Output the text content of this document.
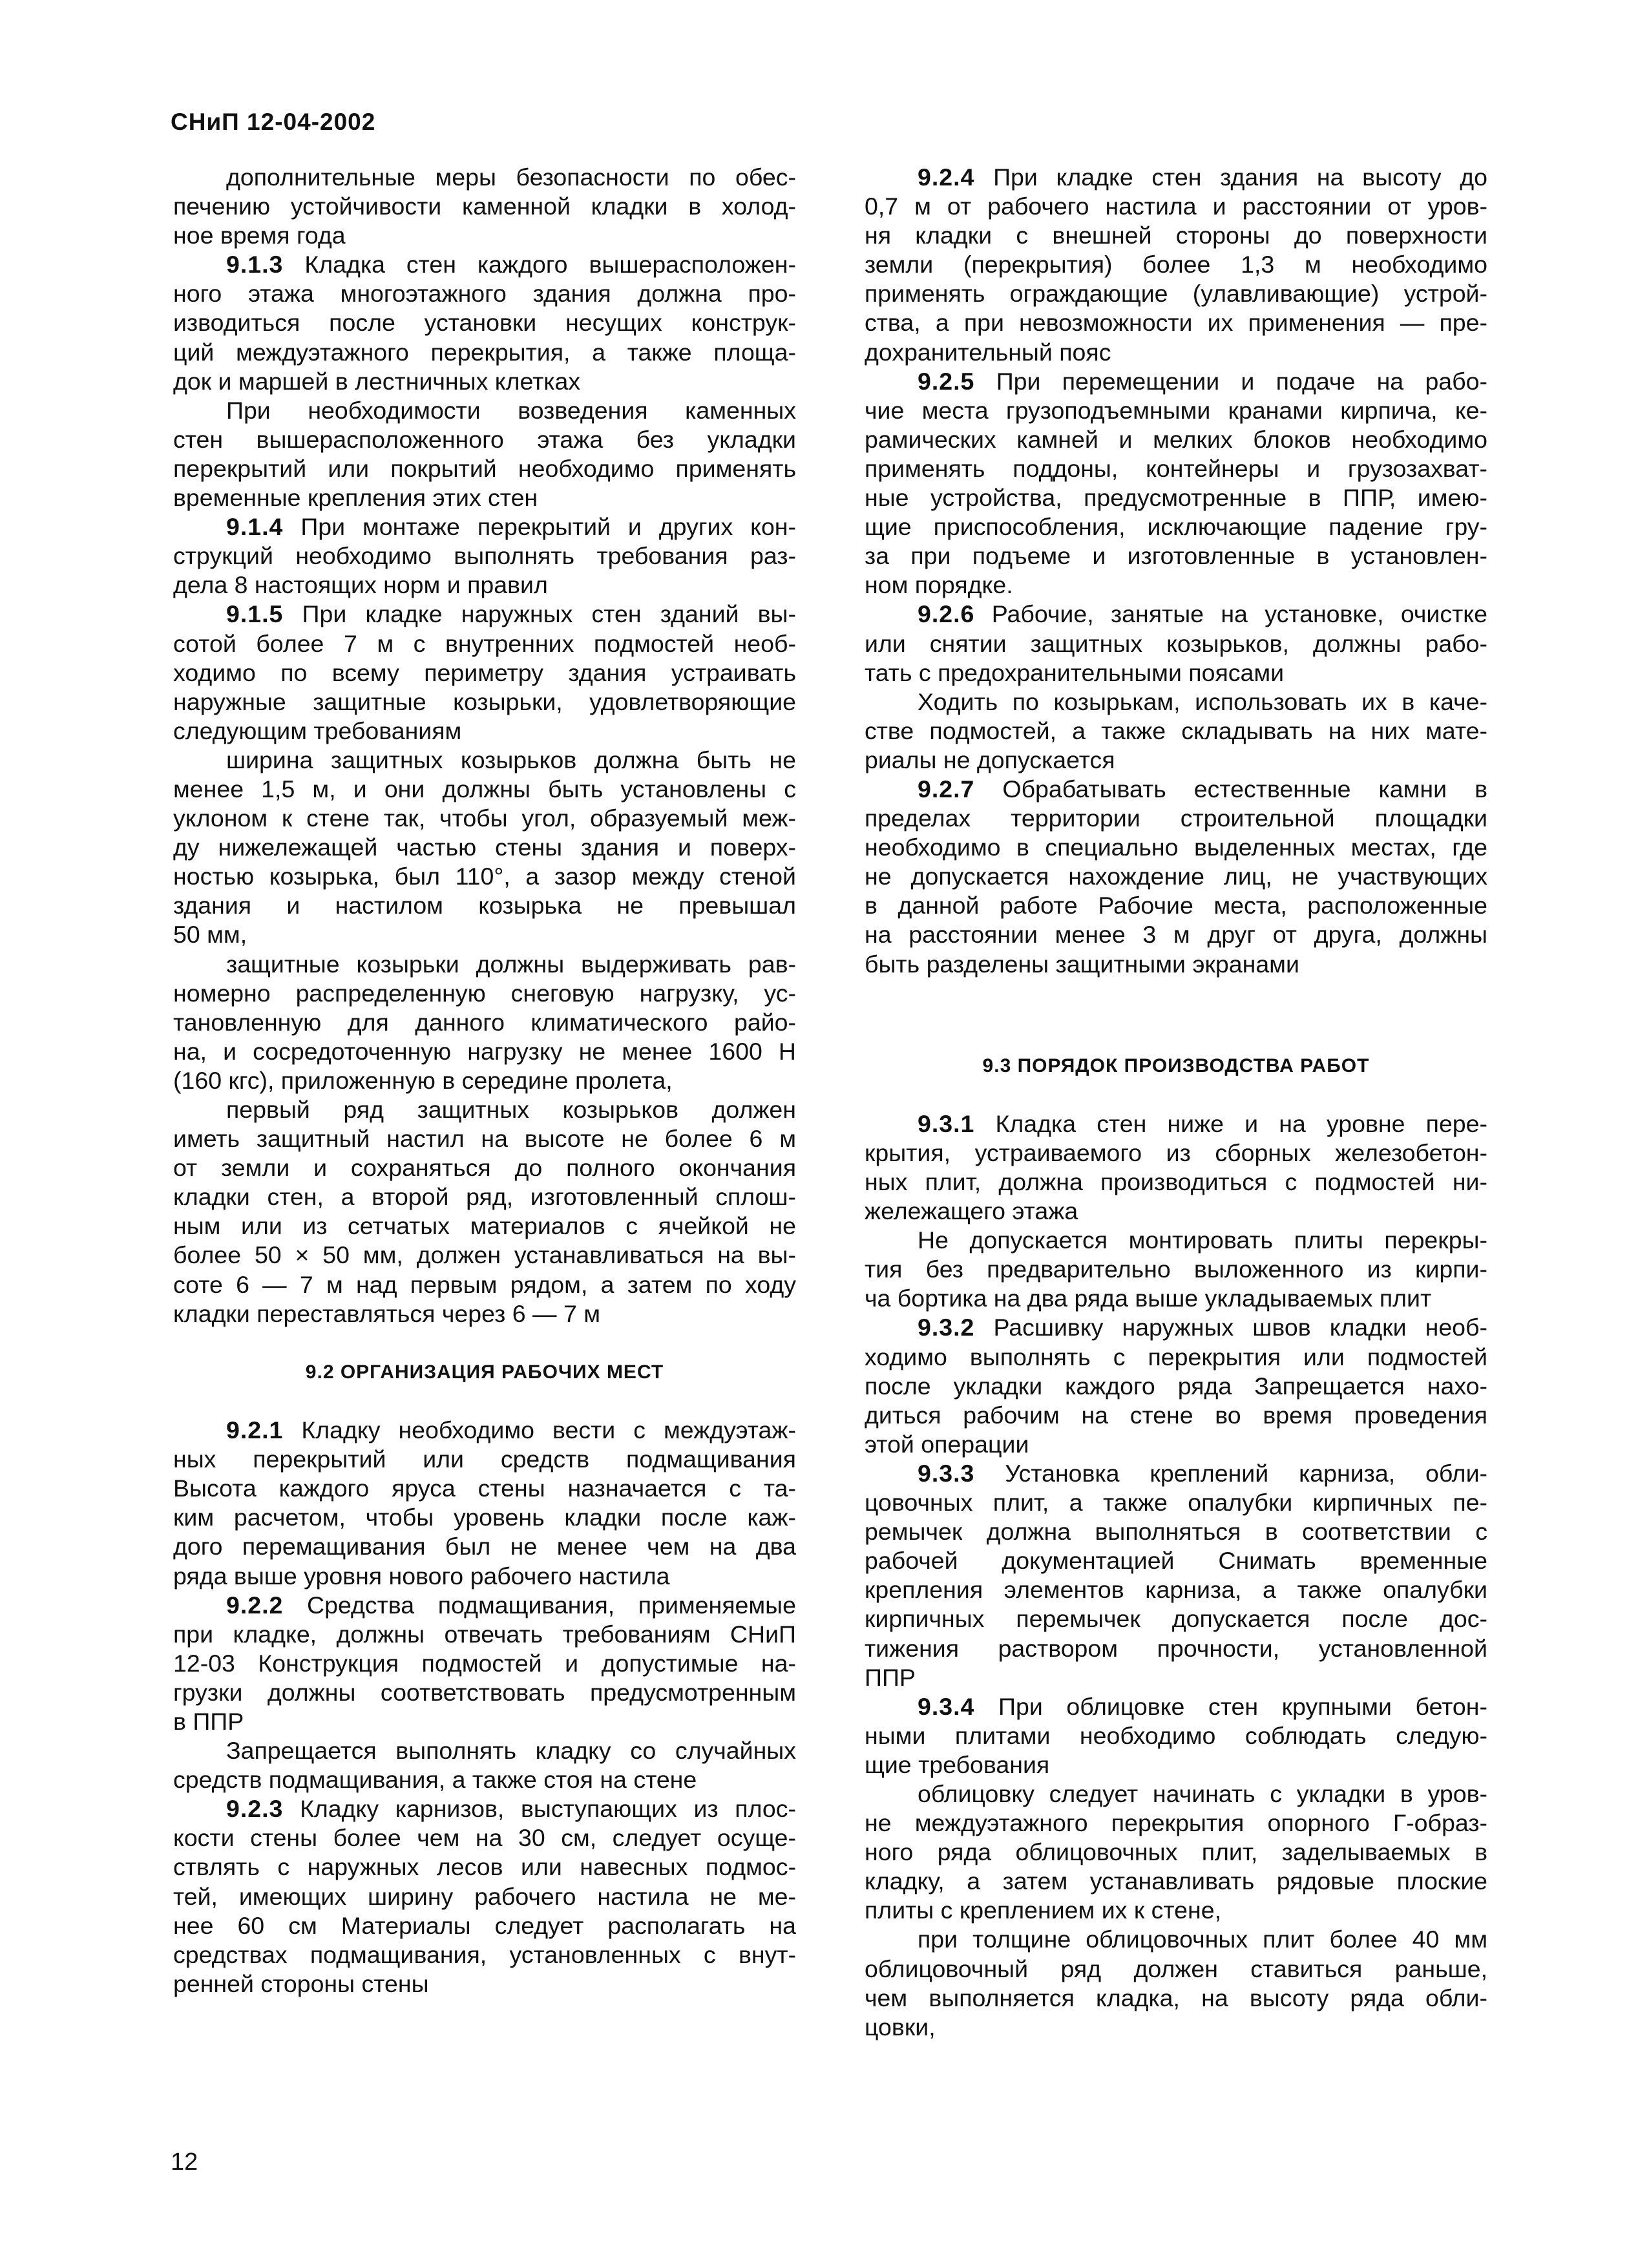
СНиП 12-04-2002
дополнительные меры безопасности по обес-
печению устойчивости каменной кладки в холод-
ное время года
9.1.3 Кладка стен каждого вышерасположен-
ного этажа многоэтажного здания должна про-
изводиться после установки несущих конструк-
ций междуэтажного перекрытия, а также площа-
док и маршей в лестничных клетках
При необходимости возведения каменных
стен вышерасположенного этажа без укладки
перекрытий или покрытий необходимо применять
временные крепления этих стен
9.1.4 При монтаже перекрытий и других кон-
струкций необходимо выполнять требования раз-
дела 8 настоящих норм и правил
9.1.5 При кладке наружных стен зданий вы-
сотой более 7 м с внутренних подмостей необ-
ходимо по всему периметру здания устраивать
наружные защитные козырьки, удовлетворяющие
следующим требованиям
ширина защитных козырьков должна быть не
менее 1,5 м, и они должны быть установлены с
уклоном к стене так, чтобы угол, образуемый меж-
ду нижележащей частью стены здания и поверх-
ностью козырька, был 110°, а зазор между стеной
здания и настилом козырька не превышал
50 мм,
защитные козырьки должны выдерживать рав-
номерно распределенную снеговую нагрузку, ус-
тановленную для данного климатического райо-
на, и сосредоточенную нагрузку не менее 1600 Н
(160 кгс), приложенную в середине пролета,
первый ряд защитных козырьков должен
иметь защитный настил на высоте не более 6 м
от земли и сохраняться до полного окончания
кладки стен, а второй ряд, изготовленный сплош-
ным или из сетчатых материалов с ячейкой не
более 50 × 50 мм, должен устанавливаться на вы-
соте 6 — 7 м над первым рядом, а затем по ходу
кладки переставляться через 6 — 7 м
9.2 ОРГАНИЗАЦИЯ РАБОЧИХ МЕСТ
9.2.1 Кладку необходимо вести с междуэтаж-
ных перекрытий или средств подмащивания
Высота каждого яруса стены назначается с та-
ким расчетом, чтобы уровень кладки после каж-
дого перемащивания был не менее чем на два
ряда выше уровня нового рабочего настила
9.2.2 Средства подмащивания, применяемые
при кладке, должны отвечать требованиям СНиП
12-03 Конструкция подмостей и допустимые на-
грузки должны соответствовать предусмотренным
в ППР
Запрещается выполнять кладку со случайных
средств подмащивания, а также стоя на стене
9.2.3 Кладку карнизов, выступающих из плос-
кости стены более чем на 30 см, следует осуще-
ствлять с наружных лесов или навесных подмос-
тей, имеющих ширину рабочего настила не ме-
нее 60 см Материалы следует располагать на
средствах подмащивания, установленных с внут-
ренней стороны стены
9.2.4 При кладке стен здания на высоту до
0,7 м от рабочего настила и расстоянии от уров-
ня кладки с внешней стороны до поверхности
земли (перекрытия) более 1,3 м необходимо
применять ограждающие (улавливающие) устрой-
ства, а при невозможности их применения — пре-
дохранительный пояс
9.2.5 При перемещении и подаче на рабо-
чие места грузоподъемными кранами кирпича, ке-
рамических камней и мелких блоков необходимо
применять поддоны, контейнеры и грузозахват-
ные устройства, предусмотренные в ППР, имею-
щие приспособления, исключающие падение гру-
за при подъеме и изготовленные в установлен-
ном порядке.
9.2.6 Рабочие, занятые на установке, очистке
или снятии защитных козырьков, должны рабо-
тать с предохранительными поясами
Ходить по козырькам, использовать их в каче-
стве подмостей, а также складывать на них мате-
риалы не допускается
9.2.7 Обрабатывать естественные камни в
пределах территории строительной площадки
необходимо в специально выделенных местах, где
не допускается нахождение лиц, не участвующих
в данной работе Рабочие места, расположенные
на расстоянии менее 3 м друг от друга, должны
быть разделены защитными экранами
9.3 ПОРЯДОК ПРОИЗВОДСТВА РАБОТ
9.3.1 Кладка стен ниже и на уровне пере-
крытия, устраиваемого из сборных железобетон-
ных плит, должна производиться с подмостей ни-
жележащего этажа
Не допускается монтировать плиты перекры-
тия без предварительно выложенного из кирпи-
ча бортика на два ряда выше укладываемых плит
9.3.2 Расшивку наружных швов кладки необ-
ходимо выполнять с перекрытия или подмостей
после укладки каждого ряда Запрещается нахо-
диться рабочим на стене во время проведения
этой операции
9.3.3 Установка креплений карниза, обли-
цовочных плит, а также опалубки кирпичных пе-
ремычек должна выполняться в соответствии с
рабочей документацией Снимать временные
крепления элементов карниза, а также опалубки
кирпичных перемычек допускается после дос-
тижения раствором прочности, установленной
ППР
9.3.4 При облицовке стен крупными бетон-
ными плитами необходимо соблюдать следую-
щие требования
облицовку следует начинать с укладки в уров-
не междуэтажного перекрытия опорного Г-образ-
ного ряда облицовочных плит, заделываемых в
кладку, а затем устанавливать рядовые плоские
плиты с креплением их к стене,
при толщине облицовочных плит более 40 мм
облицовочный ряд должен ставиться раньше,
чем выполняется кладка, на высоту ряда обли-
цовки,
12
